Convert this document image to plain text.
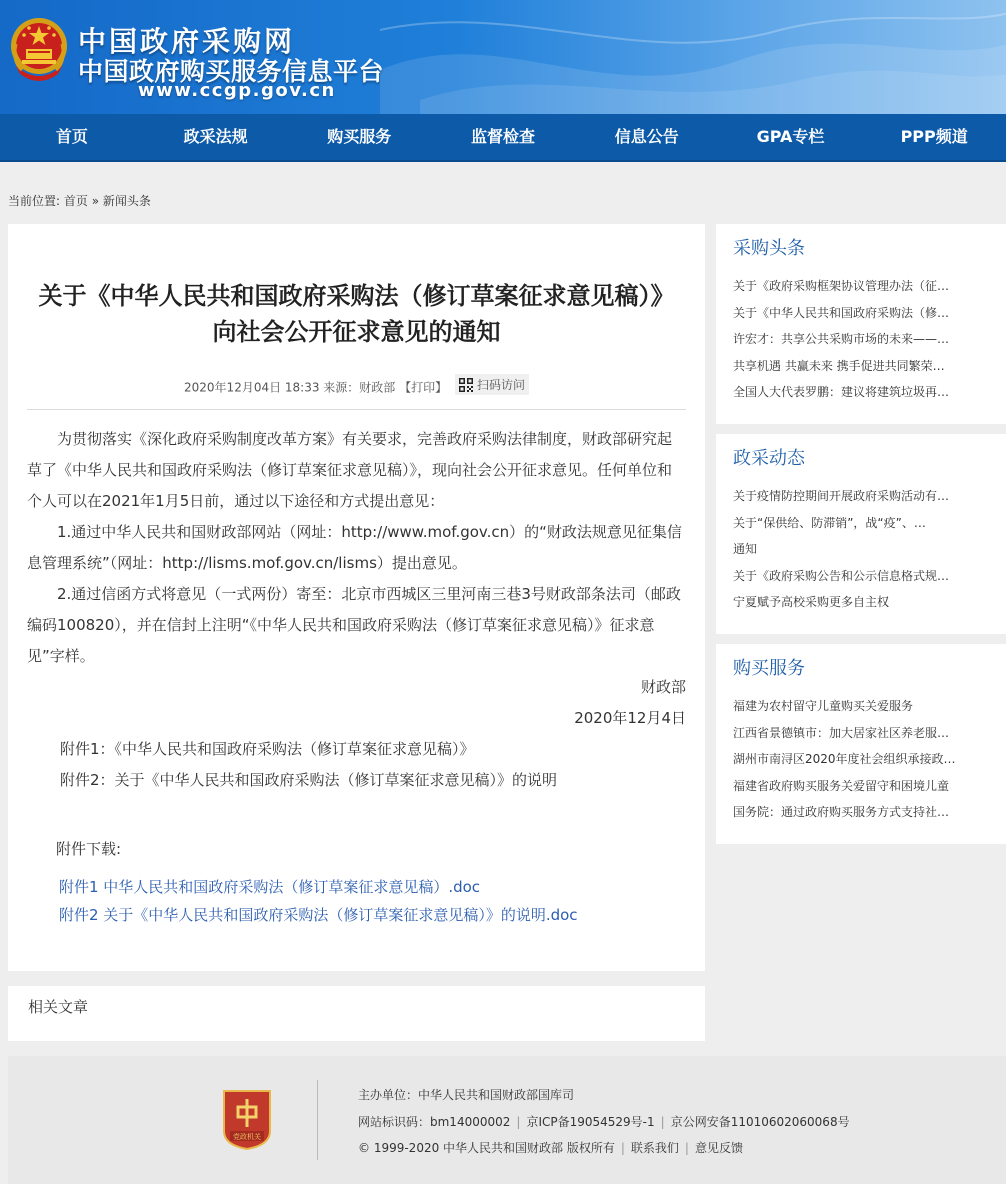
中国政府采购网
中国政府购买服务信息平台
www.ccgp.gov.cn
首页	政采法规	购买服务	监督检查	信息公告	GPA专栏	PPP频道
当前位置: 首页 » 新闻头条
关于《中华人民共和国政府采购法（修订草案征求意见稿）》向社会公开征求意见的通知
2020年12月04日 18:33 来源：财政部 【打印】 扫码访问

为贯彻落实《深化政府采购制度改革方案》有关要求，完善政府采购法律制度，财政部研究起草了《中华人民共和国政府采购法（修订草案征求意见稿）》，现向社会公开征求意见。任何单位和个人可以在2021年1月5日前，通过以下途径和方式提出意见：

1.通过中华人民共和国财政部网站（网址：http://www.mof.gov.cn）的“财政法规意见征集信息管理系统”（网址：http://lisms.mof.gov.cn/lisms）提出意见。

2.通过信函方式将意见（一式两份）寄至：北京市西城区三里河南三巷3号财政部条法司（邮政编码100820），并在信封上注明“《中华人民共和国政府采购法（修订草案征求意见稿）》征求意见”字样。

财政部
2020年12月4日

附件1：《中华人民共和国政府采购法（修订草案征求意见稿）》

附件2：关于《中华人民共和国政府采购法（修订草案征求意见稿）》的说明

附件下载:
附件1 中华人民共和国政府采购法（修订草案征求意见稿）.doc
附件2 关于《中华人民共和国政府采购法（修订草案征求意见稿）》的说明.doc
相关文章
采购头条
关于《政府采购框架协议管理办法（征…
关于《中华人民共和国政府采购法（修…
许宏才：共享公共采购市场的未来——…
共享机遇 共赢未来 携手促进共同繁荣…
全国人大代表罗鹏：建议将建筑垃圾再…
政采动态
关于疫情防控期间开展政府采购活动有…
关于“保供给、防滞销”，战“疫”、…
通知
关于《政府采购公告和公示信息格式规…
宁夏赋予高校采购更多自主权
购买服务
福建为农村留守儿童购买关爱服务
江西省景德镇市：加大居家社区养老服…
湖州市南浔区2020年度社会组织承接政…
福建省政府购买服务关爱留守和困境儿童
国务院：通过政府购买服务方式支持社…
党政机关
主办单位：中华人民共和国财政部国库司
网站标识码：bm14000002 | 京ICP备19054529号-1 | 京公网安备11010602060068号
© 1999-2020 中华人民共和国财政部 版权所有 | 联系我们 | 意见反馈
